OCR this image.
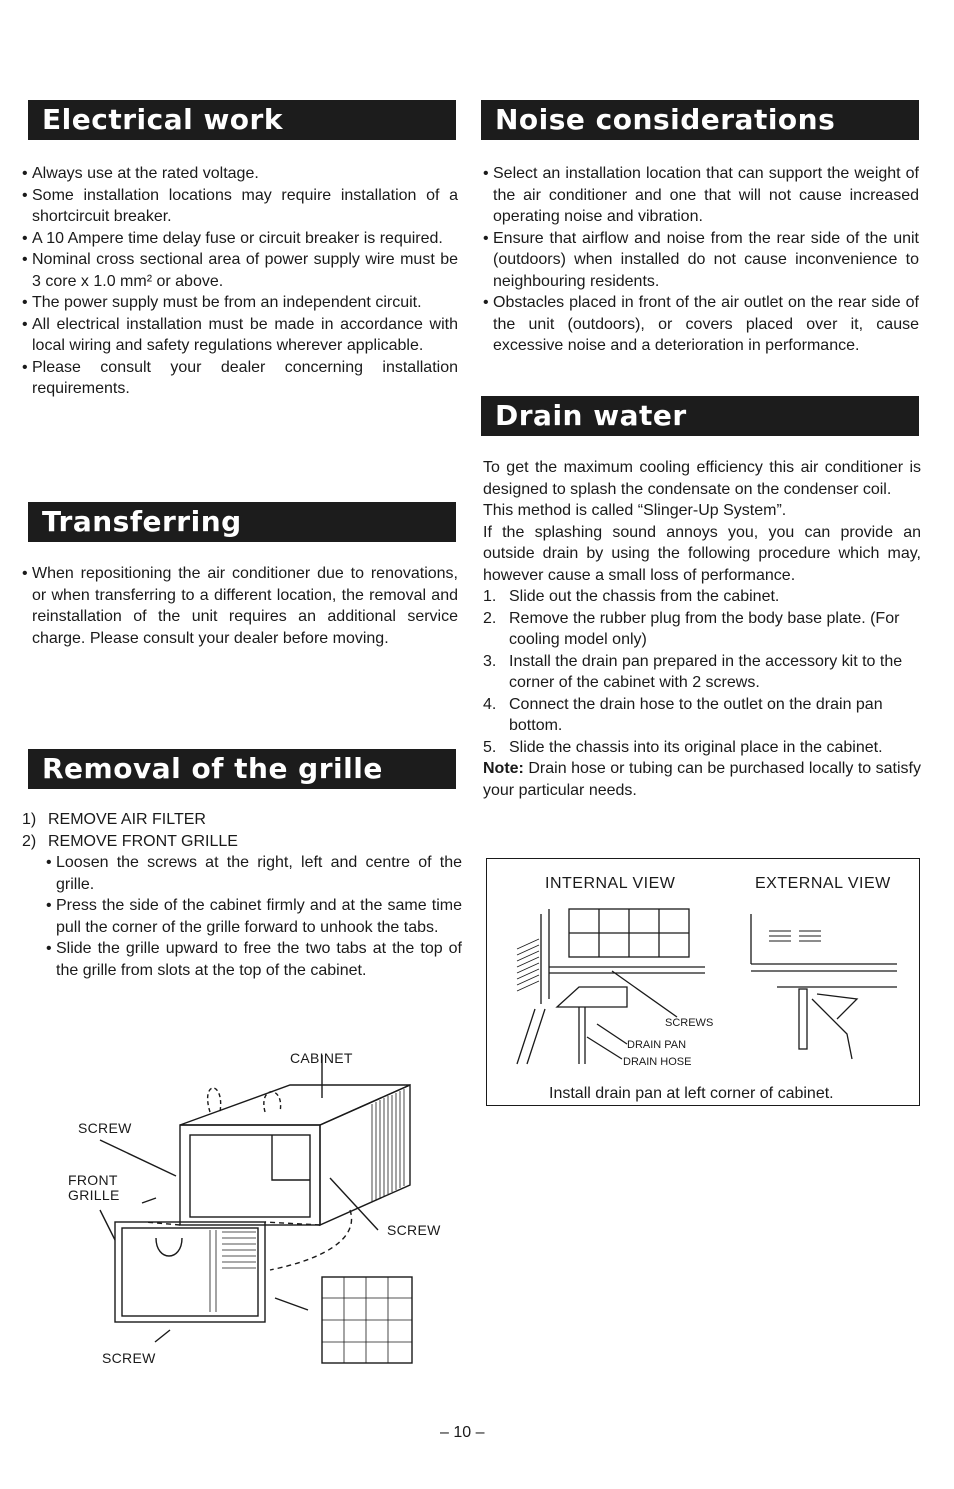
Electrical work
• Always use at the rated voltage.
• Some installation locations may require installation of a shortcircuit breaker.
• A 10 Ampere time delay fuse or circuit breaker is required.
• Nominal cross sectional area of power supply wire must be 3 core x 1.0 mm² or above.
• The power supply must be from an independent circuit.
• All electrical installation must be made in accordance with local wiring and safety regulations wherever applicable.
• Please consult your dealer concerning installation requirements.
Transferring
• When repositioning the air conditioner due to renovations, or when transferring to a different location, the removal and reinstallation of the unit requires an additional service charge. Please consult your dealer before moving.
Removal of the grille
1) REMOVE AIR FILTER
2) REMOVE FRONT GRILLE
• Loosen the screws at the right, left and centre of the grille.
• Press the side of the cabinet firmly and at the same time pull the corner of the grille forward to unhook the tabs.
• Slide the grille upward to free the two tabs at the top of the grille from slots at the top of the cabinet.
CABINET
SCREW
FRONT
GRILLE
SCREW
SCREW
Noise considerations
• Select an installation location that can support the weight of the air conditioner and one that will not cause increased operating noise and vibration.
• Ensure that airflow and noise from the rear side of the unit (outdoors) when installed do not cause inconvenience to neighbouring residents.
• Obstacles placed in front of the air outlet on the rear side of the unit (outdoors), or covers placed over it, cause excessive noise and a deterioration in performance.
Drain water

To get the maximum cooling efficiency this air conditioner is designed to splash the condensate on the condenser coil.

This method is called “Slinger-Up System”.

If the splashing sound annoys you, you can provide an outside drain by using the following procedure which may, however cause a small loss of performance.

1. Slide out the chassis from the cabinet.
2. Remove the rubber plug from the body base plate. (For cooling model only)
3. Install the drain pan prepared in the accessory kit to the corner of the cabinet with 2 screws.
4. Connect the drain hose to the outlet on the drain pan bottom.
5. Slide the chassis into its original place in the cabinet.

Note: Drain hose or tubing can be purchased locally to satisfy your particular needs.

INTERNAL VIEW	EXTERNAL VIEW
SCREWS
DRAIN PAN
DRAIN HOSE
Install drain pan at left corner of cabinet.
– 10 –
